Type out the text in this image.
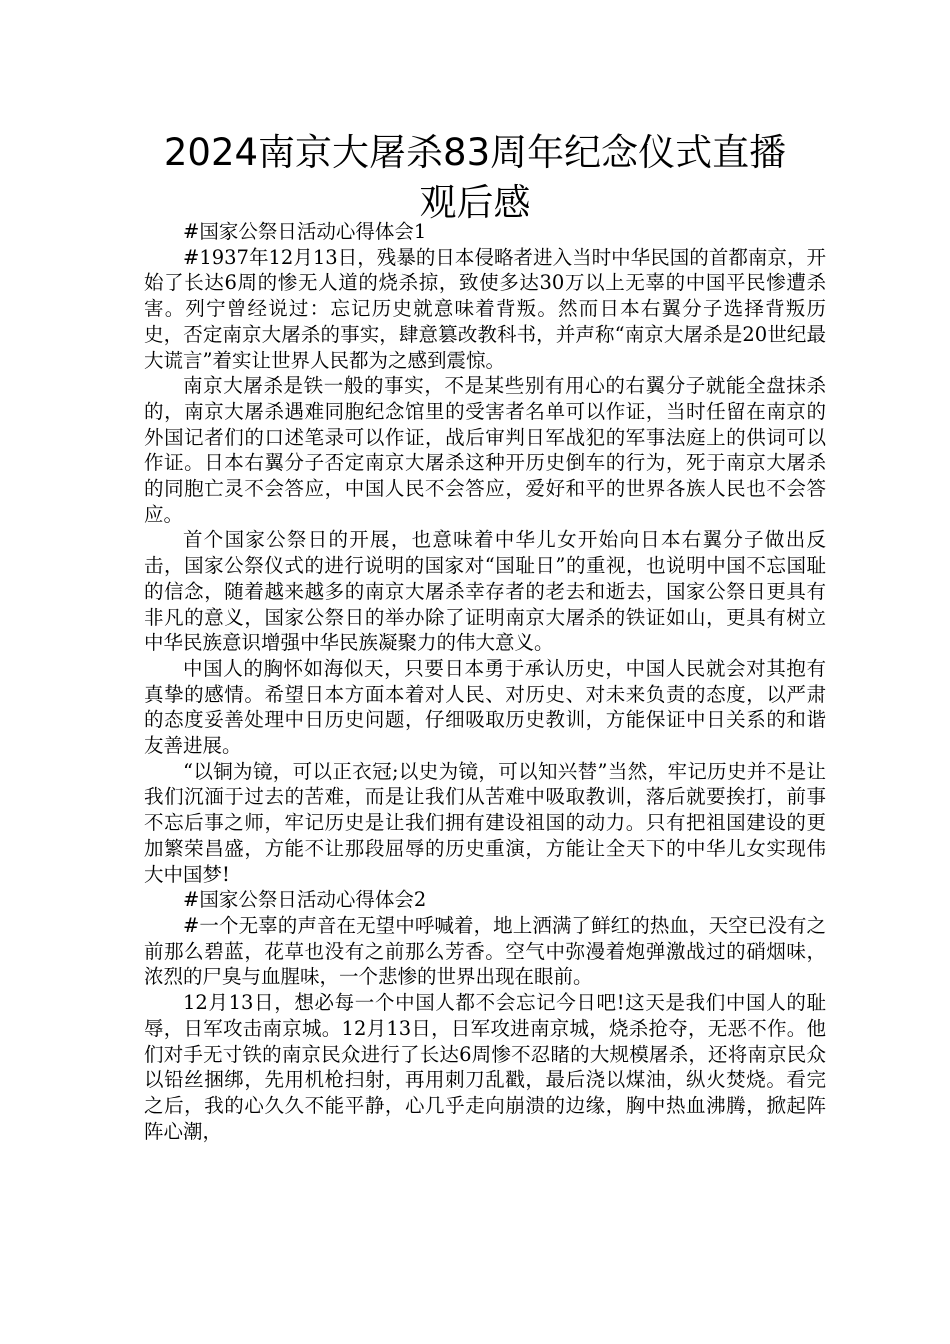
2024南京大屠杀83周年纪念仪式直播
观后感

#国家公祭日活动心得体会1

#1937年12月13日，残暴的日本侵略者进入当时中华民国的首都南京，开始了长达6周的惨无人道的烧杀掠，致使多达30万以上无辜的中国平民惨遭杀害。列宁曾经说过：忘记历史就意味着背叛。然而日本右翼分子选择背叛历史，否定南京大屠杀的事实，肆意篡改教科书，并声称“南京大屠杀是20世纪最大谎言”着实让世界人民都为之感到震惊。

南京大屠杀是铁一般的事实，不是某些别有用心的右翼分子就能全盘抹杀的，南京大屠杀遇难同胞纪念馆里的受害者名单可以作证，当时任留在南京的外国记者们的口述笔录可以作证，战后审判日军战犯的军事法庭上的供词可以作证。日本右翼分子否定南京大屠杀这种开历史倒车的行为，死于南京大屠杀的同胞亡灵不会答应，中国人民不会答应，爱好和平的世界各族人民也不会答应。

首个国家公祭日的开展，也意味着中华儿女开始向日本右翼分子做出反击，国家公祭仪式的进行说明的国家对“国耻日”的重视，也说明中国不忘国耻的信念，随着越来越多的南京大屠杀幸存者的老去和逝去，国家公祭日更具有非凡的意义，国家公祭日的举办除了证明南京大屠杀的铁证如山，更具有树立中华民族意识增强中华民族凝聚力的伟大意义。

中国人的胸怀如海似天，只要日本勇于承认历史，中国人民就会对其抱有真挚的感情。希望日本方面本着对人民、对历史、对未来负责的态度，以严肃的态度妥善处理中日历史问题，仔细吸取历史教训，方能保证中日关系的和谐友善进展。

“以铜为镜，可以正衣冠;以史为镜，可以知兴替”当然，牢记历史并不是让我们沉湎于过去的苦难，而是让我们从苦难中吸取教训，落后就要挨打，前事不忘后事之师，牢记历史是让我们拥有建设祖国的动力。只有把祖国建设的更加繁荣昌盛，方能不让那段屈辱的历史重演，方能让全天下的中华儿女实现伟大中国梦!

#国家公祭日活动心得体会2

#一个无辜的声音在无望中呼喊着，地上洒满了鲜红的热血，天空已没有之前那么碧蓝，花草也没有之前那么芳香。空气中弥漫着炮弹激战过的硝烟味，浓烈的尸臭与血腥味，一个悲惨的世界出现在眼前。

12月13日，想必每一个中国人都不会忘记今日吧!这天是我们中国人的耻辱，日军攻击南京城。12月13日，日军攻进南京城，烧杀抢夺，无恶不作。他们对手无寸铁的南京民众进行了长达6周惨不忍睹的大规模屠杀，还将南京民众以铅丝捆绑，先用机枪扫射，再用刺刀乱戳，最后浇以煤油，纵火焚烧。看完之后，我的心久久不能平静，心几乎走向崩溃的边缘，胸中热血沸腾，掀起阵阵心潮，
